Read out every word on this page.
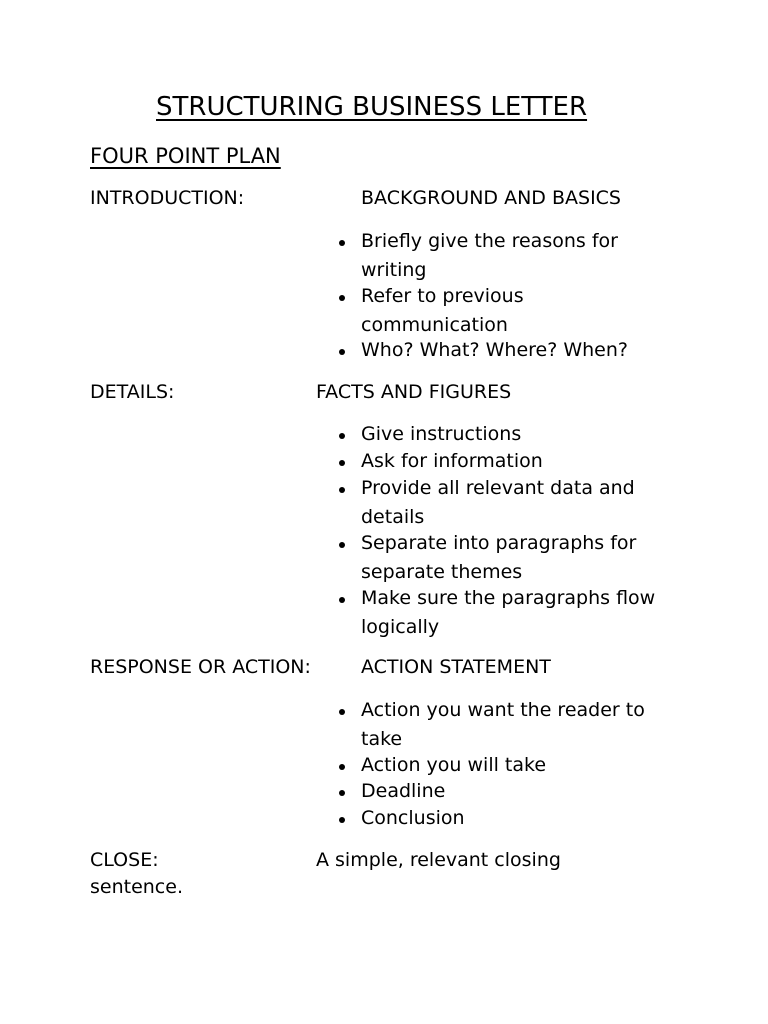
STRUCTURING BUSINESS LETTER
FOUR POINT PLAN
INTRODUCTION:	BACKGROUND AND BASICS
Briefly give the reasons for
writing
Refer to previous
communication
Who? What? Where? When?
DETAILS:	FACTS AND FIGURES
Give instructions
Ask for information
Provide all relevant data and
details
Separate into paragraphs for
separate themes
Make sure the paragraphs flow
logically
RESPONSE OR ACTION:	ACTION STATEMENT
Action you want the reader to
take
Action you will take
Deadline
Conclusion
CLOSE:	A simple, relevant closing
sentence.
